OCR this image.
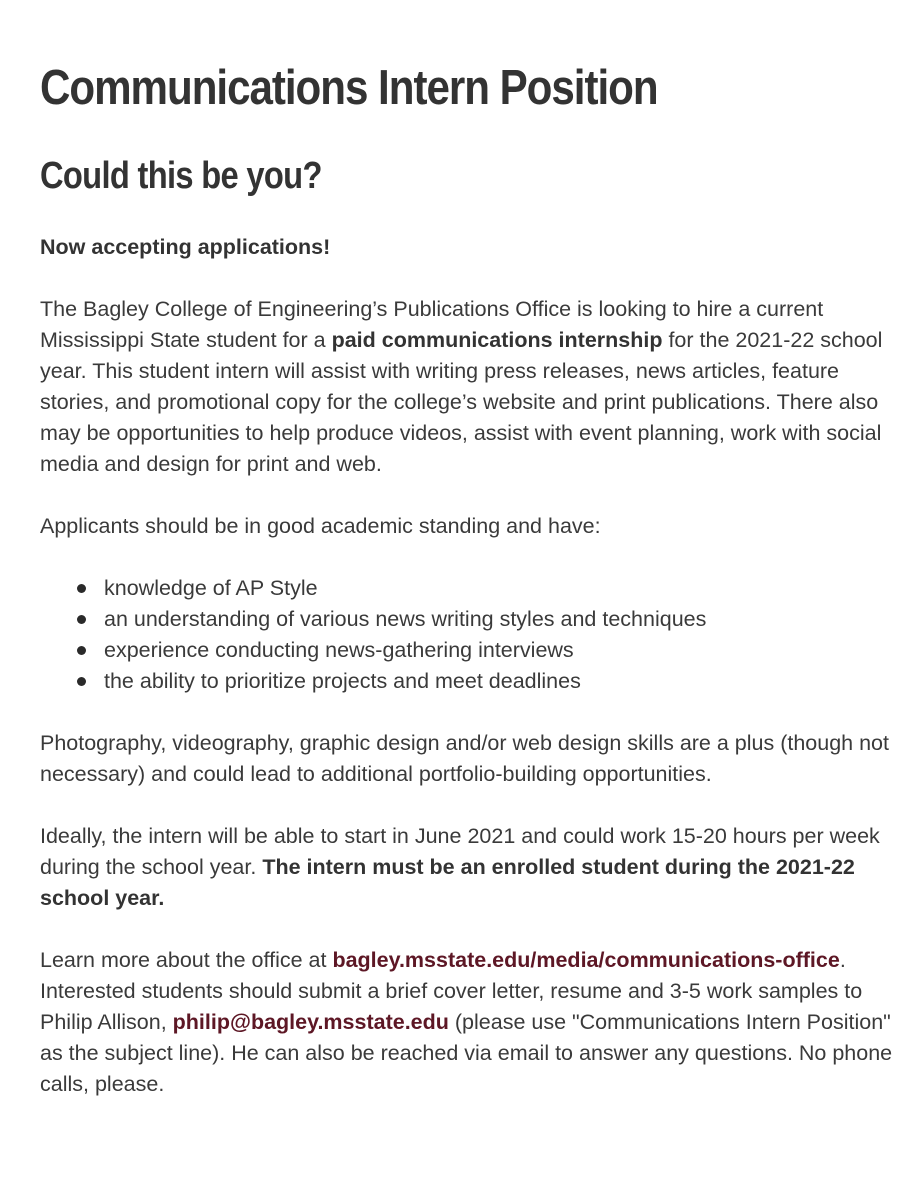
Communications Intern Position
Could this be you?

Now accepting applications!

The Bagley College of Engineering’s Publications Office is looking to hire a current Mississippi State student for a paid communications internship for the 2021-22 school year. This student intern will assist with writing press releases, news articles, feature stories, and promotional copy for the college’s website and print publications. There also may be opportunities to help produce videos, assist with event planning, work with social media and design for print and web.

Applicants should be in good academic standing and have:

knowledge of AP Style
an understanding of various news writing styles and techniques
experience conducting news-gathering interviews
the ability to prioritize projects and meet deadlines

Photography, videography, graphic design and/or web design skills are a plus (though not necessary) and could lead to additional portfolio-building opportunities.

Ideally, the intern will be able to start in June 2021 and could work 15-20 hours per week during the school year. The intern must be an enrolled student during the 2021-22 school year.

Learn more about the office at bagley.msstate.edu/media/communications-office. Interested students should submit a brief cover letter, resume and 3-5 work samples to Philip Allison, philip@bagley.msstate.edu (please use "Communications Intern Position" as the subject line). He can also be reached via email to answer any questions. No phone calls, please.
